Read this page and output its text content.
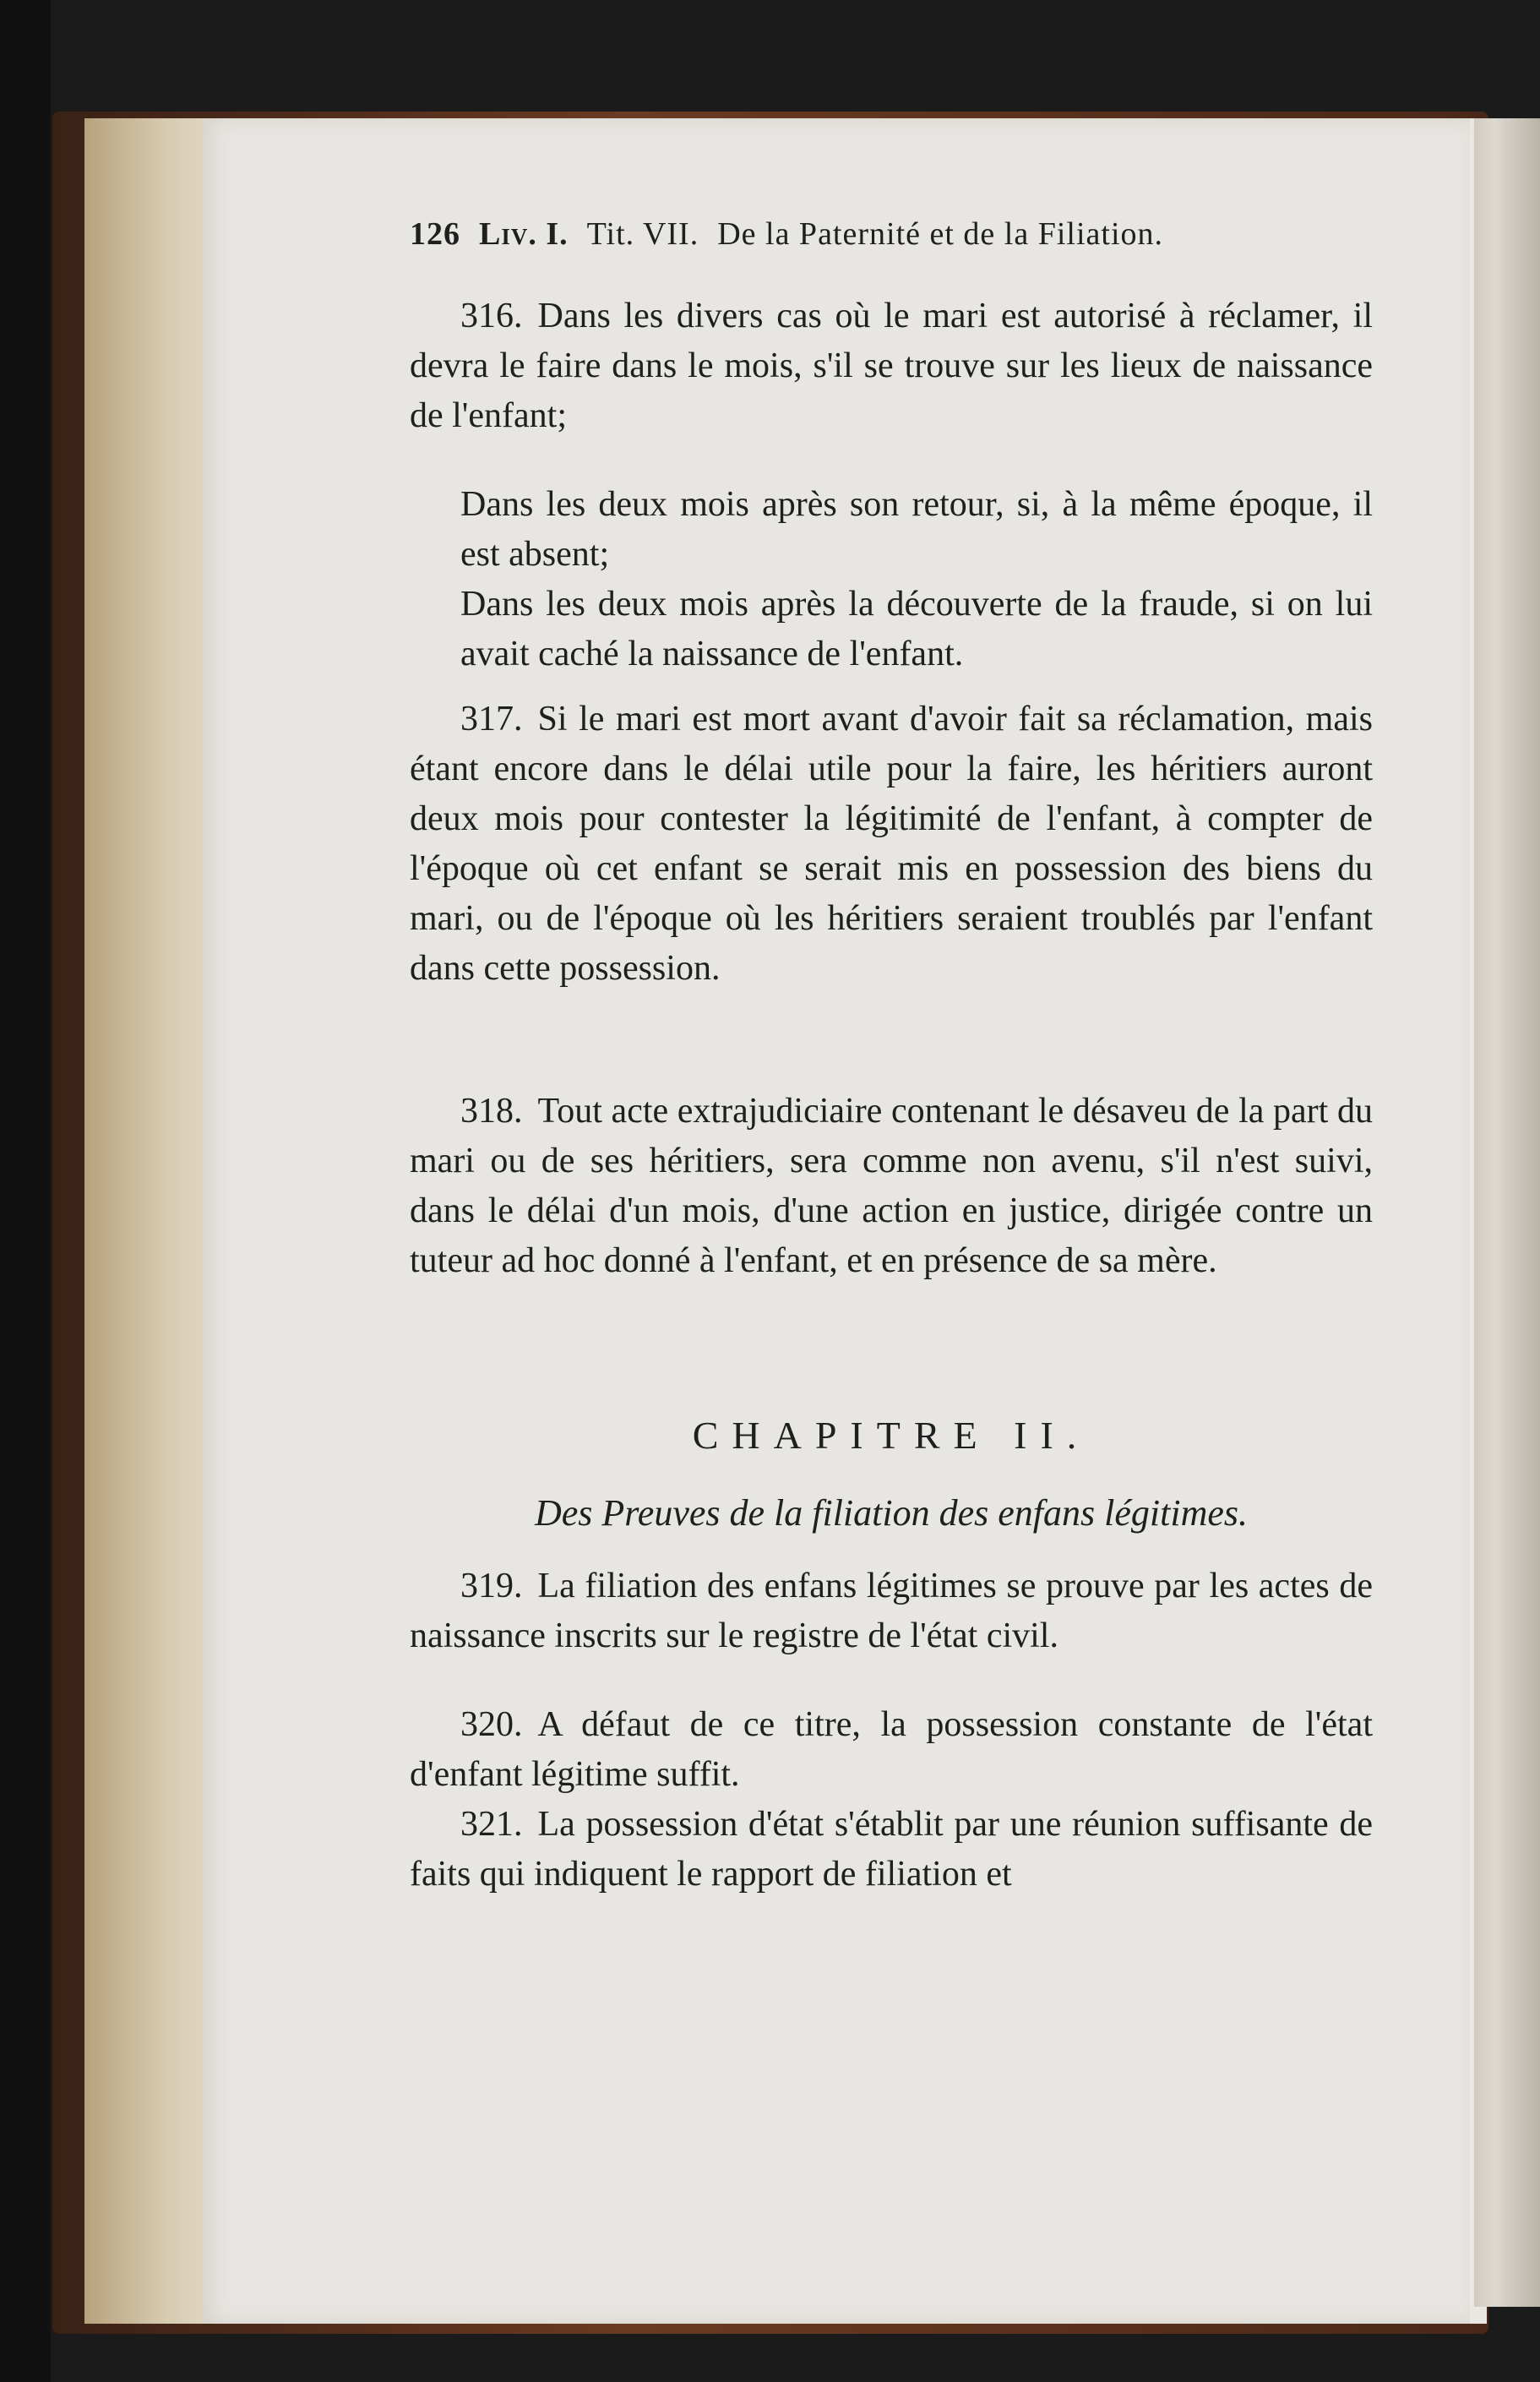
126 Liv. I. Tit. VII. De la Paternité et de la Filiation.

316. Dans les divers cas où le mari est autorisé à réclamer, il devra le faire dans le mois, s'il se trouve sur les lieux de naissance de l'enfant;

Dans les deux mois après son retour, si, à la même époque, il est absent;

Dans les deux mois après la découverte de la fraude, si on lui avait caché la naissance de l'enfant.

317. Si le mari est mort avant d'avoir fait sa réclamation, mais étant encore dans le délai utile pour la faire, les héritiers auront deux mois pour contester la légitimité de l'enfant, à compter de l'époque où cet enfant se serait mis en possession des biens du mari, ou de l'époque où les héritiers seraient troublés par l'enfant dans cette possession.

318. Tout acte extrajudiciaire contenant le désaveu de la part du mari ou de ses héritiers, sera comme non avenu, s'il n'est suivi, dans le délai d'un mois, d'une action en justice, dirigée contre un tuteur ad hoc donné à l'enfant, et en présence de sa mère.

CHAPITRE II.
Des Preuves de la filiation des enfans légitimes.

319. La filiation des enfans légitimes se prouve par les actes de naissance inscrits sur le registre de l'état civil.

320. A défaut de ce titre, la possession constante de l'état d'enfant légitime suffit.

321. La possession d'état s'établit par une réunion suffisante de faits qui indiquent le rapport de filiation et
